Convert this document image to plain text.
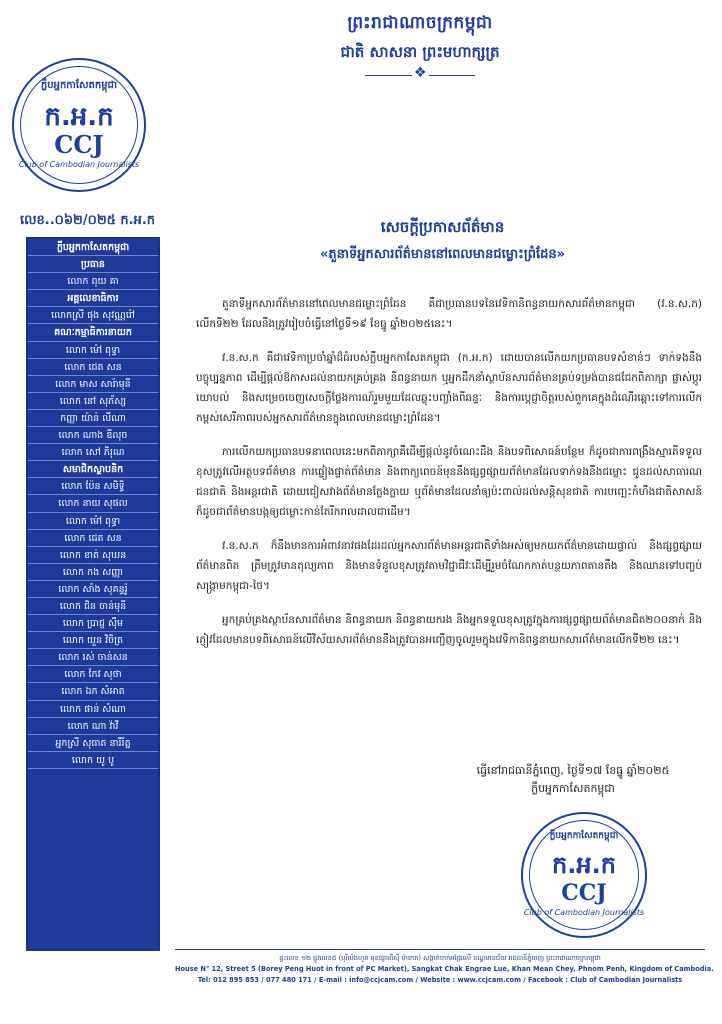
ព្រះរាជាណាចក្រកម្ពុជា
ជាតិ សាសនា ព្រះមហាក្សត្រ
❖
ក្លឹបអ្នកកាសែតកម្ពុជា
ក.អ.ក
CCJ
Club of Cambodian Journalists
លេខ..០៦២/០២៥ ក.អ.ក
ក្លឹបអ្នកកាសែតកម្ពុជា
ប្រធាន
លោក ពុយ គា
អគ្គលេខាធិការ
លោកស្រី ផុង សុវណ្ណរ៉ៅ
គណៈកម្មាធិការនាយក
លោក ម៉ៅ ពុទ្ធា
លោក ជេត សន
លោក មាស សារ៉ាមុនី
លោក នៅ សុភ័ស្ស
កញ្ញា យ៉ាន់ លីណា
លោក ណាង ឌីលុច
លោក សៅ ភិរុណ
សមាជិកស្ថាបនិក
លោក ប៉ែន សមិទ្ធិ
លោក នាយ សុផល
លោក ម៉ៅ ពុទ្ធា
លោក ជេត សន
លោក ខាត់ សុឃន
លោក កង សញ្ញា
លោក សាំង សុគន្ធរ៉ូ
លោក ជិន ចាន់មុនី
លោក ប្រាជ្ញ ស៊ីម
លោក យួន វិចិត្រ
លោក រស់ ចាន់សន
លោក កែវ សុថា
លោក ឯក សំអាត
លោក ផាន់ សំណា
លោក ណា វ៉ាវី
អ្នកស្រី សុធាត នារីរ័ត្ន
លោក យូ បូ
សេចក្ដីប្រកាសព័ត៌មាន
«តួនាទីអ្នកសារព័ត៌មាននៅពេលមានជម្លោះព្រំដែន»

តួនាទីអ្នកសារព័ត៌មាននៅពេលមានជម្លោះព្រំដែន គឺជាប្រធានបទនៃវេទិកានិពន្ធនាយកសារព័ត៌មានកម្ពុជា (វ.ន.ស.ក) លើកទី២២ ដែលនឹងត្រូវរៀបចំធ្វើនៅថ្ងៃទី១៩ ខែធ្នូ ឆ្នាំ២០២៥នេះ។

វ.ន.ស.ក គឺជាវេទិកាប្រចាំឆ្នាំដ៏ធំរបស់ក្លឹបអ្នកកាសែតកម្ពុជា (ក.អ.ក) ដោយបានលើកយកប្រធានបទសំខាន់ៗ ទាក់ទងនឹងបច្ចុប្បន្នភាព ដើម្បីផ្ដល់ឱកាសដល់នាយកគ្រប់គ្រង និពន្ធនាយក ឬអ្នកដឹកនាំស្ថាប័នសារព័ត៌មានគ្រប់ទម្រង់បានជជែកពិភាក្សា ផ្លាស់ប្ដូរយោបល់ និងសម្រេចចេញសេចក្ដីថ្លែងការណ៍រួមមួយដែលឆ្លុះបញ្ចាំងពីឆន្ទៈ និងការប្ដេជ្ញាចិត្តរបស់ពួកគេក្នុងដំណើរឆ្ពោះទៅការលើកកម្ពស់សេរីភាពរបស់អ្នកសារព័ត៌មានក្នុងពេលមានជម្លោះព្រំដែន។

ការលើកយកប្រធានបទនាពេលនេះមកពិភាក្សាគឺដើម្បីផ្ដល់នូវចំណេះដឹង និងបទពិសោធន៍បន្ថែម ក៏ដូចជាការពង្រឹងស្មារតីទទួលខុសត្រូវលើអត្ថបទព័ត៌មាន ការផ្ទៀងផ្ទាត់ព័ត៌មាន និងពាក្យពេចន៍មុននឹងផ្សព្វផ្សាយព័ត៌មានដែលទាក់ទងនឹងជម្លោះ ជូនដល់សាធារណជនជាតិ និងអន្តរជាតិ ដោយជៀសវាងព័ត៌មានក្លែងក្លាយ ឬព័ត៌មានដែលនាំឲ្យប៉ះពាល់ដល់សន្តិសុខជាតិ ការបញ្ឆេះកំហឹងជាតិសាសន៍ ក៏ដូចជាព័ត៌មានបង្កឲ្យជម្លោះកាន់តែរីករាលដាលជាដើម។

វ.ន.ស.ក ក៏នឹងមានការអំពាវនាវផងដែរដល់អ្នកសារព័ត៌មានអន្តរជាតិទាំងអស់ឲ្យមកយកព័ត៌មានដោយផ្ទាល់ និងផ្សព្វផ្សាយព័ត៌មានពិត ត្រឹមត្រូវមានតុល្យភាព និងមានទំនួលខុសត្រូវតាមវិជ្ជាជីវៈដើម្បីរួមចំណែកកាត់បន្ថយភាពតានតឹង និងឈានទៅបញ្ចប់សង្គ្រាមកម្ពុជា-ថៃ។

អ្នកគ្រប់គ្រងស្ថាប័នសារព័ត៌មាន និពន្ធនាយក និពន្ធនាយករង និងអ្នកទទួលខុសត្រូវក្នុងការផ្សព្វផ្សាយព័ត៌មានជិត២០០នាក់ និងភ្ញៀវដែលមានបទពិសោធន៍លើវិស័យសារព័ត៌មាននឹងត្រូវបានអញ្ជើញចូលរួមក្នុងវេទិកានិពន្ធនាយកសារព័ត៌មានលើកទី២២ នេះ។

ធ្វើនៅរាជធានីភ្នំពេញ, ថ្ងៃទី១៧ ខែធ្នូ ឆ្នាំ២០២៥
ក្លឹបអ្នកកាសែតកម្ពុជា
ក្លឹបអ្នកកាសែតកម្ពុជា
ក.អ.ក
CCJ
Club of Cambodian Journalists
ផ្ទះលេខ ១២ ផ្លូវលេខ៥ (បុរីប៉េងហួត មុខផ្សារពីស៊ី ម៉ាកេត) សង្កាត់ចាក់អង្រែលើ ខណ្ឌមានជ័យ រាជធានីភ្នំពេញ ព្រះរាជាណាចក្រកម្ពុជា
House N° 12, Street 5 (Borey Peng Huot in front of PC Market), Sangkat Chak Engrae Lue, Khan Mean Chey, Phnom Penh, Kingdom of Cambodia.
Tel: 012 895 853 / 077 480 171 / E-mail : info@ccjcam.com / Website : www.ccjcam.com / Facebook : Club of Cambodian Journalists
